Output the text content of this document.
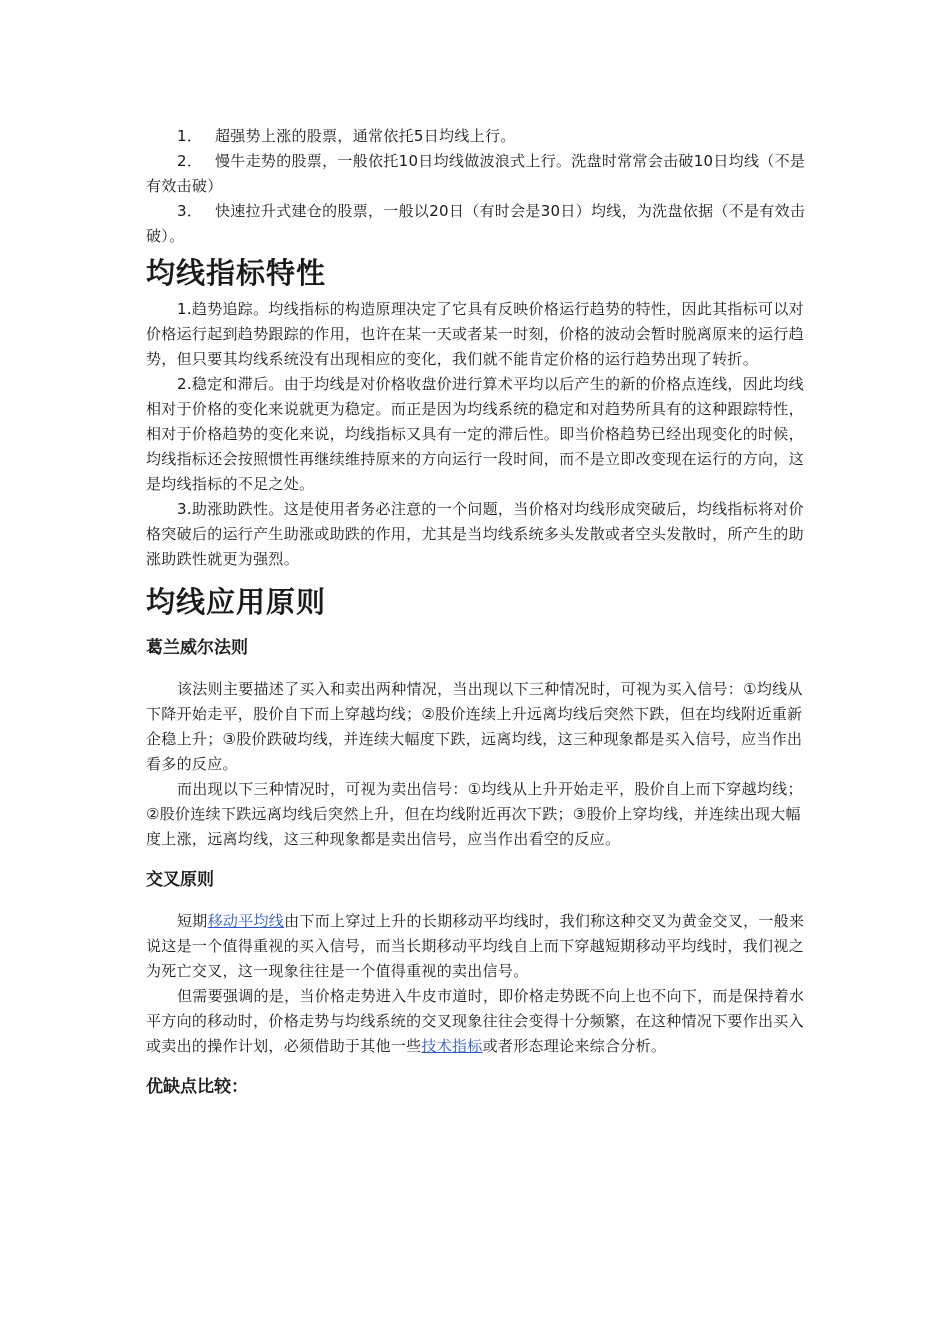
1． 超强势上涨的股票，通常依托5日均线上行。

2． 慢牛走势的股票，一般依托10日均线做波浪式上行。洗盘时常常会击破10日均线（不是有效击破）

3． 快速拉升式建仓的股票，一般以20日（有时会是30日）均线，为洗盘依据（不是有效击破）。

均线指标特性

1.趋势追踪。均线指标的构造原理决定了它具有反映价格运行趋势的特性，因此其指标可以对价格运行起到趋势跟踪的作用，也许在某一天或者某一时刻，价格的波动会暂时脱离原来的运行趋势，但只要其均线系统没有出现相应的变化，我们就不能肯定价格的运行趋势出现了转折。

2.稳定和滞后。由于均线是对价格收盘价进行算术平均以后产生的新的价格点连线，因此均线相对于价格的变化来说就更为稳定。而正是因为均线系统的稳定和对趋势所具有的这种跟踪特性，相对于价格趋势的变化来说，均线指标又具有一定的滞后性。即当价格趋势已经出现变化的时候，均线指标还会按照惯性再继续维持原来的方向运行一段时间，而不是立即改变现在运行的方向，这是均线指标的不足之处。

3.助涨助跌性。这是使用者务必注意的一个问题，当价格对均线形成突破后，均线指标将对价格突破后的运行产生助涨或助跌的作用，尤其是当均线系统多头发散或者空头发散时，所产生的助涨助跌性就更为强烈。

均线应用原则
葛兰威尔法则

该法则主要描述了买入和卖出两种情况，当出现以下三种情况时，可视为买入信号：①均线从下降开始走平，股价自下而上穿越均线；②股价连续上升远离均线后突然下跌，但在均线附近重新企稳上升；③股价跌破均线，并连续大幅度下跌，远离均线，这三种现象都是买入信号，应当作出看多的反应。

而出现以下三种情况时，可视为卖出信号：①均线从上升开始走平，股价自上而下穿越均线；②股价连续下跌远离均线后突然上升，但在均线附近再次下跌；③股价上穿均线，并连续出现大幅度上涨，远离均线，这三种现象都是卖出信号，应当作出看空的反应。

交叉原则

短期移动平均线由下而上穿过上升的长期移动平均线时，我们称这种交叉为黄金交叉，一般来说这是一个值得重视的买入信号，而当长期移动平均线自上而下穿越短期移动平均线时，我们视之为死亡交叉，这一现象往往是一个值得重视的卖出信号。

但需要强调的是，当价格走势进入牛皮市道时，即价格走势既不向上也不向下，而是保持着水平方向的移动时，价格走势与均线系统的交叉现象往往会变得十分频繁，在这种情况下要作出买入或卖出的操作计划，必须借助于其他一些技术指标或者形态理论来综合分析。

优缺点比较：
